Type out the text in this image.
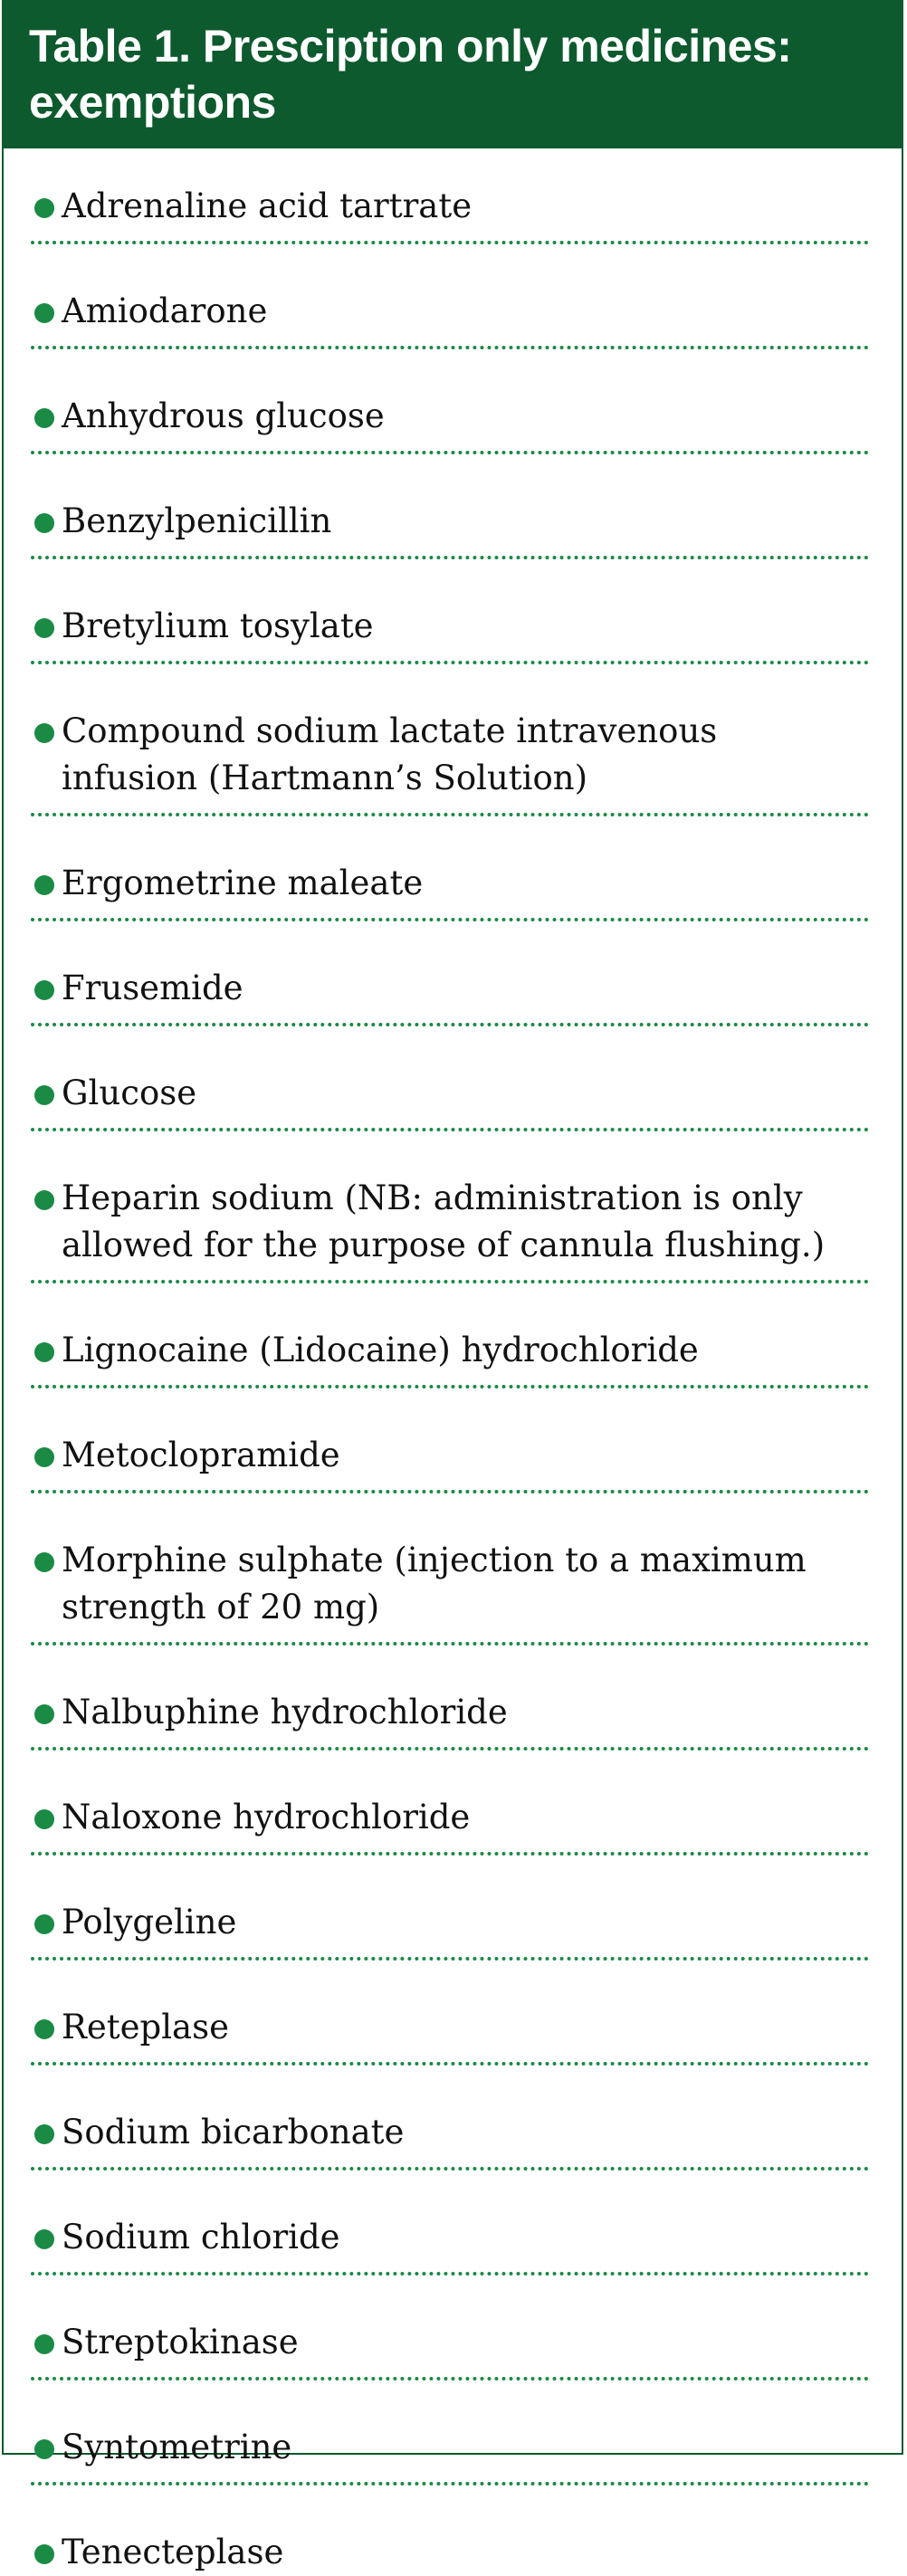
Table 1. Presciption only medicines:
exemptions
Adrenaline acid tartrate
Amiodarone
Anhydrous glucose
Benzylpenicillin
Bretylium tosylate
Compound sodium lactate intravenous
infusion (Hartmann’s Solution)
Ergometrine maleate
Frusemide
Glucose
Heparin sodium (NB: administration is only
allowed for the purpose of cannula flushing.)
Lignocaine (Lidocaine) hydrochloride
Metoclopramide
Morphine sulphate (injection to a maximum
strength of 20 mg)
Nalbuphine hydrochloride
Naloxone hydrochloride
Polygeline
Reteplase
Sodium bicarbonate
Sodium chloride
Streptokinase
Syntometrine
Tenecteplase
